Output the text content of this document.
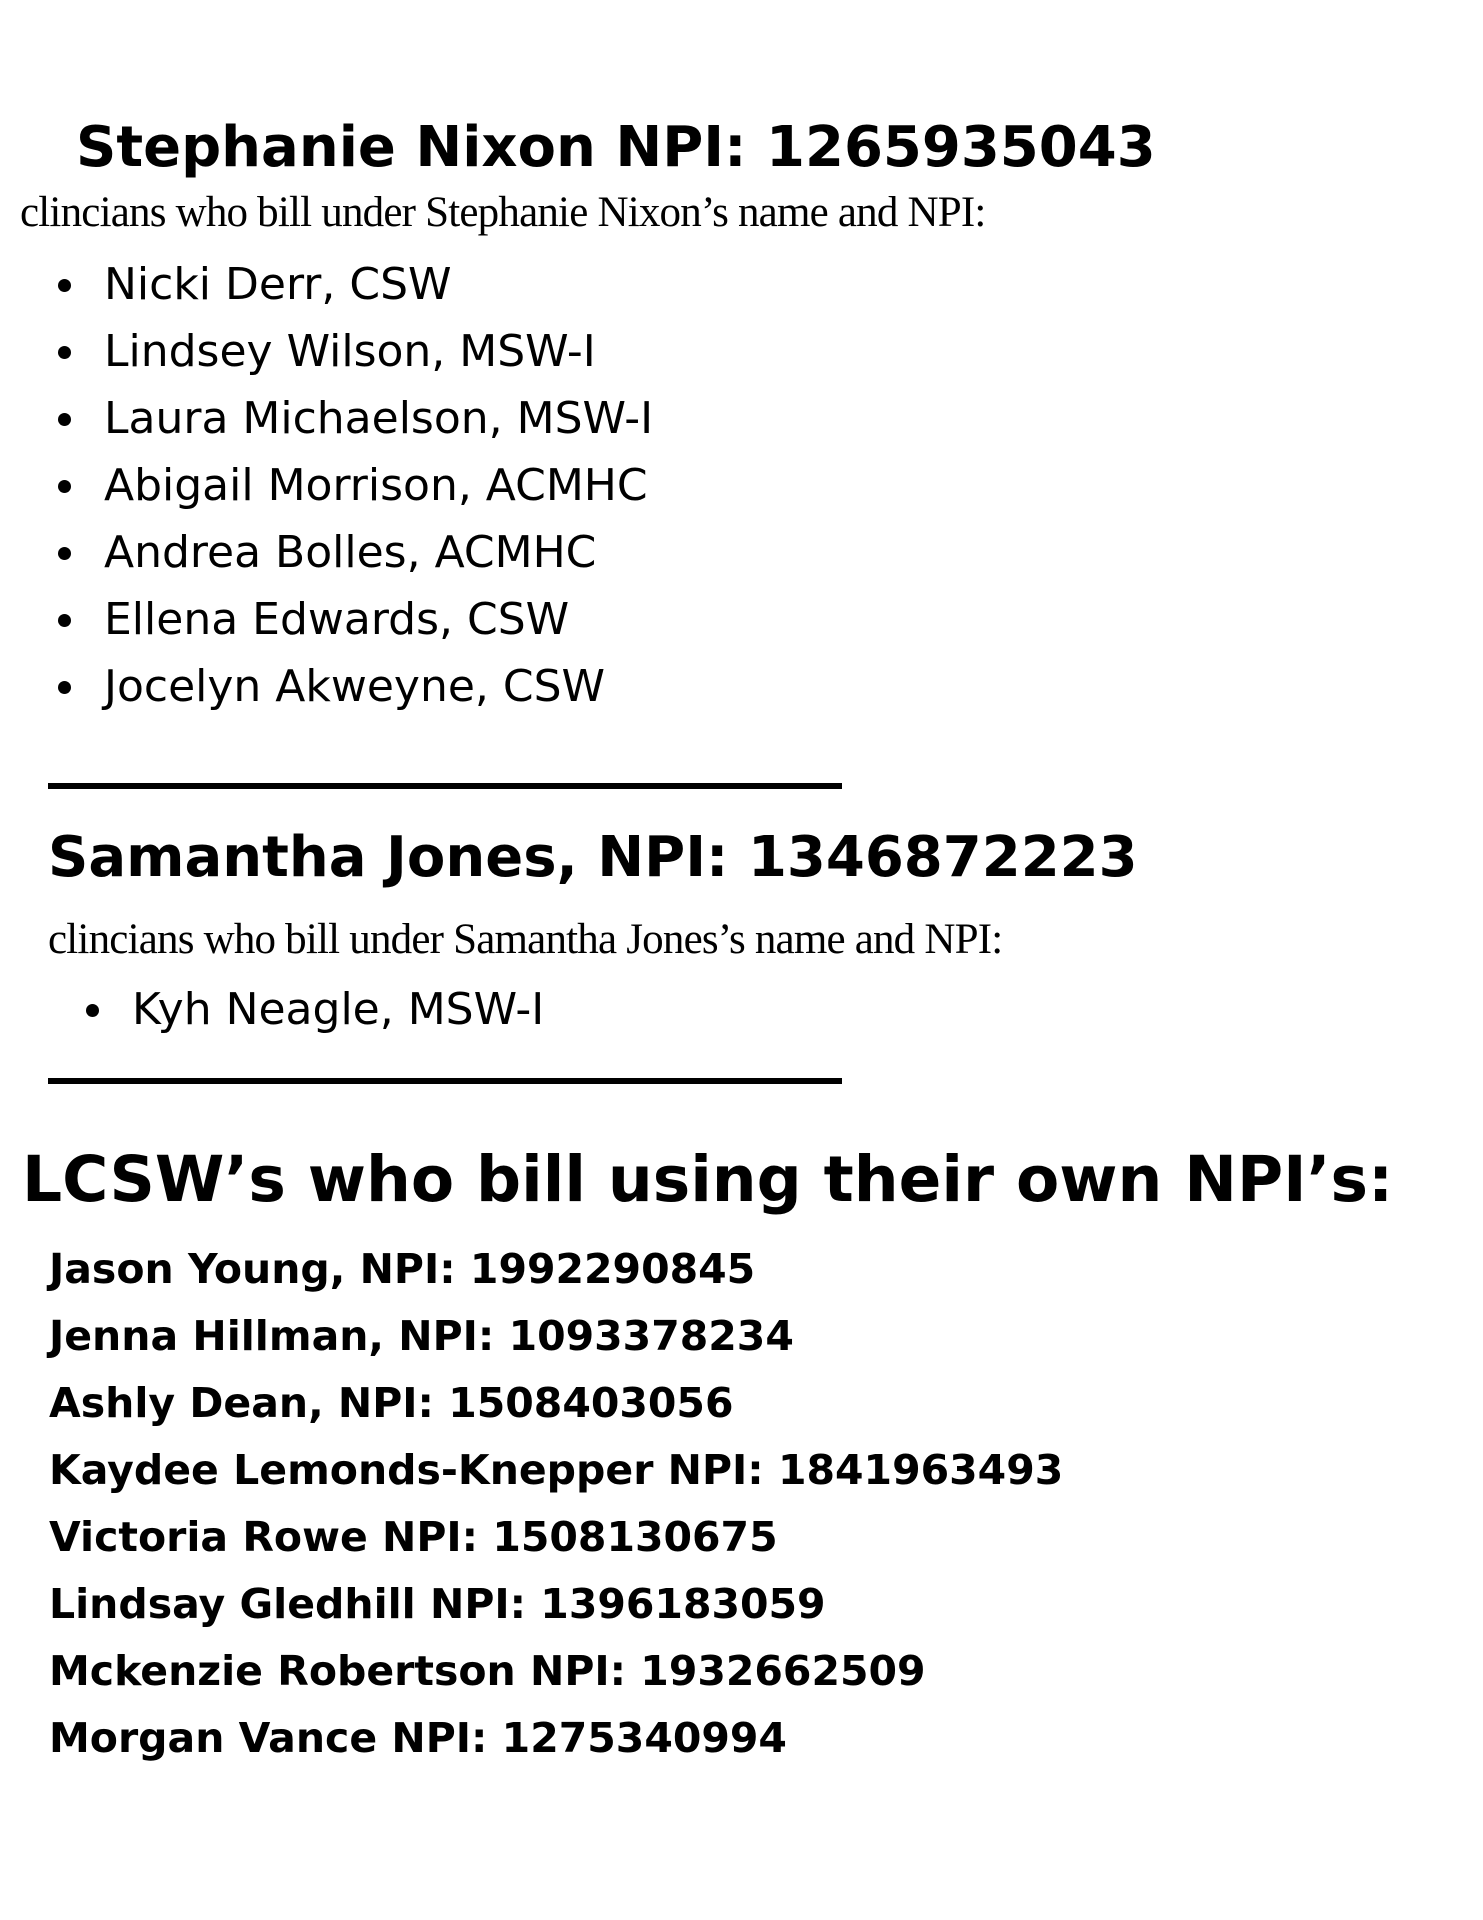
Stephanie Nixon NPI: 1265935043

clincians who bill under Stephanie Nixon’s name and NPI:

Nicki Derr, CSW
Lindsey Wilson, MSW-I
Laura Michaelson, MSW-I
Abigail Morrison, ACMHC
Andrea Bolles, ACMHC
Ellena Edwards, CSW
Jocelyn Akweyne, CSW
Samantha Jones, NPI: 1346872223

clincians who bill under Samantha Jones’s name and NPI:

Kyh Neagle, MSW-I
LCSW’s who bill using their own NPI’s:
Jason Young, NPI: 1992290845
Jenna Hillman, NPI: 1093378234
Ashly Dean, NPI: 1508403056
Kaydee Lemonds-Knepper NPI: 1841963493
Victoria Rowe NPI: 1508130675
Lindsay Gledhill NPI: 1396183059
Mckenzie Robertson NPI: 1932662509
Morgan Vance NPI: 1275340994
